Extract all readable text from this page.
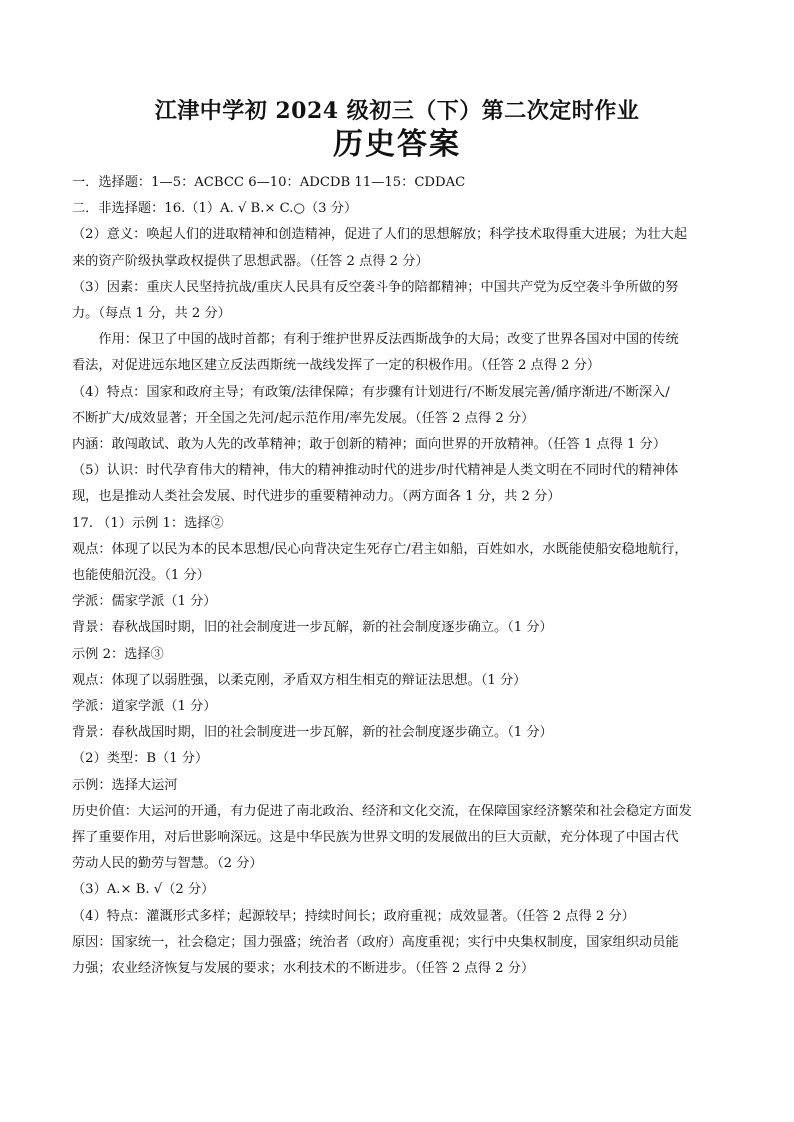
江津中学初 2024 级初三（下）第二次定时作业
历史答案

一．选择题：1—5：ACBCC 6—10：ADCDB 11—15：CDDAC

二．非选择题：16.（1）A. √ B.× C.○（3 分）

（2）意义：唤起人们的进取精神和创造精神，促进了人们的思想解放；科学技术取得重大进展；为壮大起

来的资产阶级执掌政权提供了思想武器。（任答 2 点得 2 分）

（3）因素：重庆人民坚持抗战/重庆人民具有反空袭斗争的陪都精神；中国共产党为反空袭斗争所做的努

力。（每点 1 分，共 2 分）

作用：保卫了中国的战时首都；有利于维护世界反法西斯战争的大局；改变了世界各国对中国的传统

看法，对促进远东地区建立反法西斯统一战线发挥了一定的积极作用。（任答 2 点得 2 分）

（4）特点：国家和政府主导；有政策/法律保障；有步骤有计划进行/不断发展完善/循序渐进/不断深入/

不断扩大/成效显著；开全国之先河/起示范作用/率先发展。（任答 2 点得 2 分）

内涵：敢闯敢试、敢为人先的改革精神；敢于创新的精神；面向世界的开放精神。（任答 1 点得 1 分）

（5）认识：时代孕育伟大的精神，伟大的精神推动时代的进步/时代精神是人类文明在不同时代的精神体

现，也是推动人类社会发展、时代进步的重要精神动力。（两方面各 1 分，共 2 分）

17. （1）示例 1：选择②

观点：体现了以民为本的民本思想/民心向背决定生死存亡/君主如船，百姓如水，水既能使船安稳地航行，

也能使船沉没。（1 分）

学派：儒家学派（1 分）

背景：春秋战国时期，旧的社会制度进一步瓦解，新的社会制度逐步确立。（1 分）

示例 2：选择③

观点：体现了以弱胜强，以柔克刚，矛盾双方相生相克的辩证法思想。（1 分）

学派：道家学派（1 分）

背景：春秋战国时期，旧的社会制度进一步瓦解，新的社会制度逐步确立。（1 分）

（2）类型：B（1 分）

示例：选择大运河

历史价值：大运河的开通，有力促进了南北政治、经济和文化交流，在保障国家经济繁荣和社会稳定方面发

挥了重要作用，对后世影响深远。这是中华民族为世界文明的发展做出的巨大贡献，充分体现了中国古代

劳动人民的勤劳与智慧。（2 分）

（3）A.× B. √（2 分）

（4）特点：灌溉形式多样；起源较早；持续时间长；政府重视；成效显著。（任答 2 点得 2 分）

原因：国家统一，社会稳定；国力强盛；统治者（政府）高度重视；实行中央集权制度，国家组织动员能

力强；农业经济恢复与发展的要求；水利技术的不断进步。（任答 2 点得 2 分）
